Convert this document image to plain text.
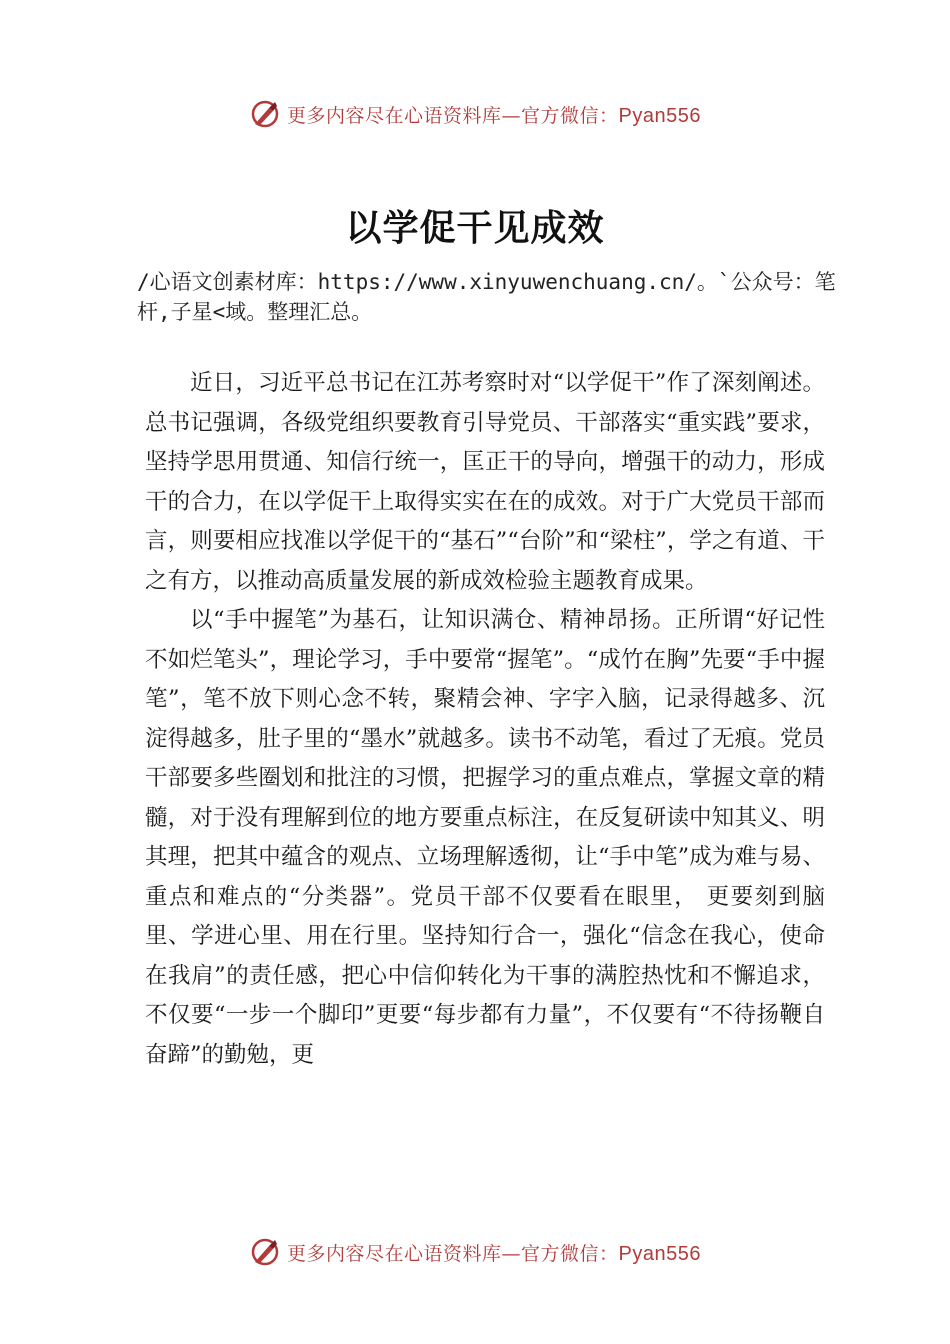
更多内容尽在心语资料库—官方微信：Pyan556
以学促干见成效
/心语文创素材库：https://www.xinyuwenchuang.cn/。`公众号：笔杆,子星<域。整理汇总。

近日，习近平总书记在江苏考察时对“以学促干”作了深刻阐述。总书记强调，各级党组织要教育引导党员、干部落实“重实践”要求，坚持学思用贯通、知信行统一，匡正干的导向，增强干的动力，形成干的合力，在以学促干上取得实实在在的成效。对于广大党员干部而言，则要相应找准以学促干的“基石”“台阶”和“梁柱”，学之有道、干之有方，以推动高质量发展的新成效检验主题教育成果。

以“手中握笔”为基石，让知识满仓、精神昂扬。正所谓“好记性不如烂笔头”，理论学习，手中要常“握笔”。“成竹在胸”先要“手中握笔”，笔不放下则心念不转，聚精会神、字字入脑，记录得越多、沉淀得越多，肚子里的“墨水”就越多。读书不动笔，看过了无痕。党员干部要多些圈划和批注的习惯，把握学习的重点难点，掌握文章的精髓，对于没有理解到位的地方要重点标注，在反复研读中知其义、明其理，把其中蕴含的观点、立场理解透彻，让“手中笔”成为难与易、重点和难点的“分类器”。党员干部不仅要看在眼里， 更要刻到脑里、学进心里、用在行里。坚持知行合一，强化“信念在我心，使命在我肩”的责任感，把心中信仰转化为干事的满腔热忱和不懈追求，不仅要“一步一个脚印”更要“每步都有力量”，不仅要有“不待扬鞭自奋蹄”的勤勉，更

更多内容尽在心语资料库—官方微信：Pyan556
